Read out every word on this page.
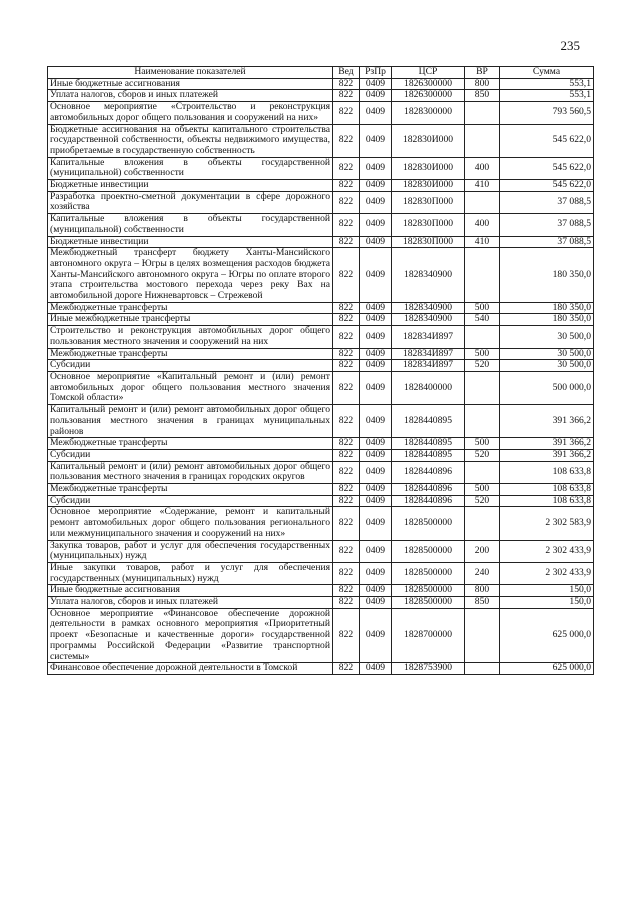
235
Наименование показателей	Вед	РзПр	ЦСР	ВР	Сумма
Иные бюджетные ассигнования	822	0409	1826300000	800	553,1
Уплата налогов, сборов и иных платежей	822	0409	1826300000	850	553,1
Основное мероприятие «Строительство и реконструкция автомобильных дорог общего пользования и сооружений на них»	822	0409	1828300000		793 560,5
Бюджетные ассигнования на объекты капитального строительства государственной собственности, объекты недвижимого имущества, приобретаемые в государственную собственность	822	0409	182830И000		545 622,0
Капитальные вложения в объекты государственной (муниципальной) собственности	822	0409	182830И000	400	545 622,0
Бюджетные инвестиции	822	0409	182830И000	410	545 622,0
Разработка проектно-сметной документации в сфере дорожного хозяйства	822	0409	182830П000		37 088,5
Капитальные вложения в объекты государственной (муниципальной) собственности	822	0409	182830П000	400	37 088,5
Бюджетные инвестиции	822	0409	182830П000	410	37 088,5
Межбюджетный трансферт бюджету Ханты-Мансийского автономного округа – Югры в целях возмещения расходов бюджета Ханты-Мансийского автономного округа – Югры по оплате второго этапа строительства мостового перехода через реку Вах на автомобильной дороге Нижневартовск – Стрежевой	822	0409	1828340900		180 350,0
Межбюджетные трансферты	822	0409	1828340900	500	180 350,0
Иные межбюджетные трансферты	822	0409	1828340900	540	180 350,0
Строительство и реконструкция автомобильных дорог общего пользования местного значения и сооружений на них	822	0409	182834И897		30 500,0
Межбюджетные трансферты	822	0409	182834И897	500	30 500,0
Субсидии	822	0409	182834И897	520	30 500,0
Основное мероприятие «Капитальный ремонт и (или) ремонт автомобильных дорог общего пользования местного значения Томской области»	822	0409	1828400000		500 000,0
Капитальный ремонт и (или) ремонт автомобильных дорог общего пользования местного значения в границах муниципальных районов	822	0409	1828440895		391 366,2
Межбюджетные трансферты	822	0409	1828440895	500	391 366,2
Субсидии	822	0409	1828440895	520	391 366,2
Капитальный ремонт и (или) ремонт автомобильных дорог общего пользования местного значения в границах городских округов	822	0409	1828440896		108 633,8
Межбюджетные трансферты	822	0409	1828440896	500	108 633,8
Субсидии	822	0409	1828440896	520	108 633,8
Основное мероприятие «Содержание, ремонт и капитальный ремонт автомобильных дорог общего пользования регионального или межмуниципального значения и сооружений на них»	822	0409	1828500000		2 302 583,9
Закупка товаров, работ и услуг для обеспечения государственных (муниципальных) нужд	822	0409	1828500000	200	2 302 433,9
Иные закупки товаров, работ и услуг для обеспечения государственных (муниципальных) нужд	822	0409	1828500000	240	2 302 433,9
Иные бюджетные ассигнования	822	0409	1828500000	800	150,0
Уплата налогов, сборов и иных платежей	822	0409	1828500000	850	150,0
Основное мероприятие «Финансовое обеспечение дорожной деятельности в рамках основного мероприятия «Приоритетный проект «Безопасные и качественные дороги» государственной программы Российской Федерации «Развитие транспортной системы»	822	0409	1828700000		625 000,0
Финансовое обеспечение дорожной деятельности в Томской	822	0409	1828753900		625 000,0
